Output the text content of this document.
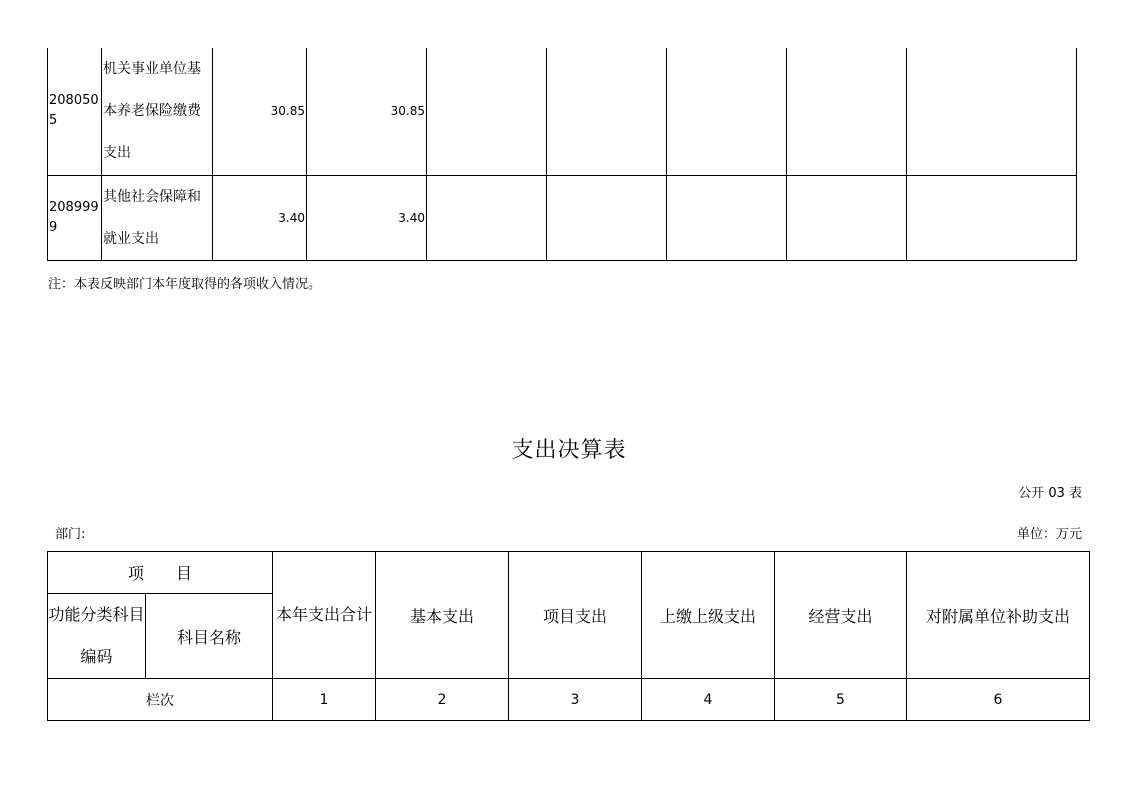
2080505	机关事业单位基本养老保险缴费支出	30.85	30.85					
2089999	其他社会保障和就业支出	3.40	3.40					
注：本表反映部门本年度取得的各项收入情况。
支出决算表
公开 03 表
部门:	单位：万元
项　　目		本年支出合计	基本支出	项目支出	上缴上级支出	经营支出	对附属单位补助支出
功能分类科目编码	科目名称						
栏次		1	2	3	4	5	6
